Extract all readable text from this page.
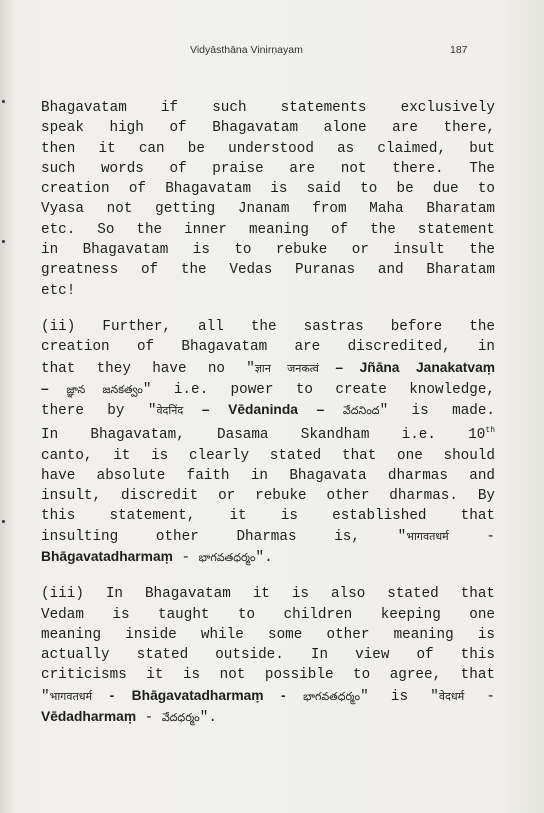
Vidyāsthāna Vinirṇayam	187
Bhagavatam if such statements exclusively
speak high of Bhagavatam alone are there,
then it can be understood as claimed, but
such words of praise are not there. The
creation of Bhagavatam is said to be due to
Vyasa not getting Jnanam from Maha Bharatam
etc. So the inner meaning of the statement
in Bhagavatam is to rebuke or insult the
greatness of the Vedas Puranas and Bharatam
etc!
(ii) Further, all the sastras before the
creation of Bhagavatam are discredited, in
that they have no "ज्ञान जनकत्वं – Jñāna Janakatvaṃ
– జ్ఞాన జనకత్వం" i.e. power to create knowledge,
there by "वेदनिंद – Vēdaninda – వేదనింద" is made.
In Bhagavatam, Dasama Skandham i.e. 10th
canto, it is clearly stated that one should
have absolute faith in Bhagavata dharmas and
insult, discredit or rebuke other dharmas. By
this statement, it is established that
insulting other Dharmas is, "भागवतधर्म -
Bhāgavatadharmaṃ - భాగవతధర్మం".
(iii) In Bhagavatam it is also stated that
Vedam is taught to children keeping one
meaning inside while some other meaning is
actually stated outside. In view of this
criticisms it is not possible to agree, that
"भागवतधर्म - Bhāgavatadharmaṃ - భాగవతధర్మం" is "वेदधर्म -
Vēdadharmaṃ - వేదధర్మం".
